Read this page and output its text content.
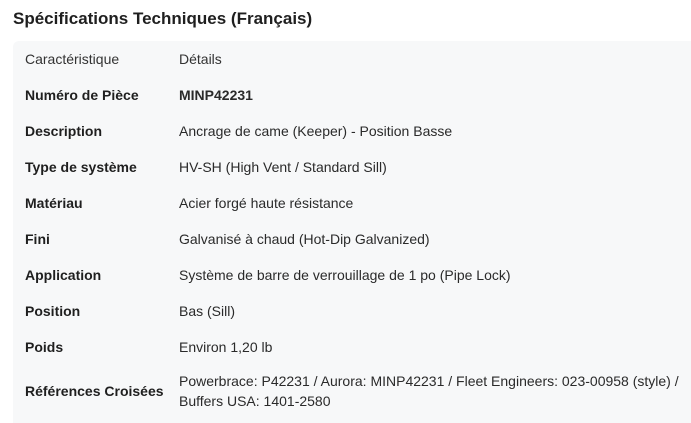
Spécifications Techniques (Français)
Caractéristique	Détails
Numéro de Pièce	MINP42231
Description	Ancrage de came (Keeper) - Position Basse
Type de système	HV-SH (High Vent / Standard Sill)
Matériau	Acier forgé haute résistance
Fini	Galvanisé à chaud (Hot-Dip Galvanized)
Application	Système de barre de verrouillage de 1 po (Pipe Lock)
Position	Bas (Sill)
Poids	Environ 1,20 lb
Références Croisées	Powerbrace: P42231 / Aurora: MINP42231 / Fleet Engineers: 023-00958 (style) / Buffers USA: 1401-2580
